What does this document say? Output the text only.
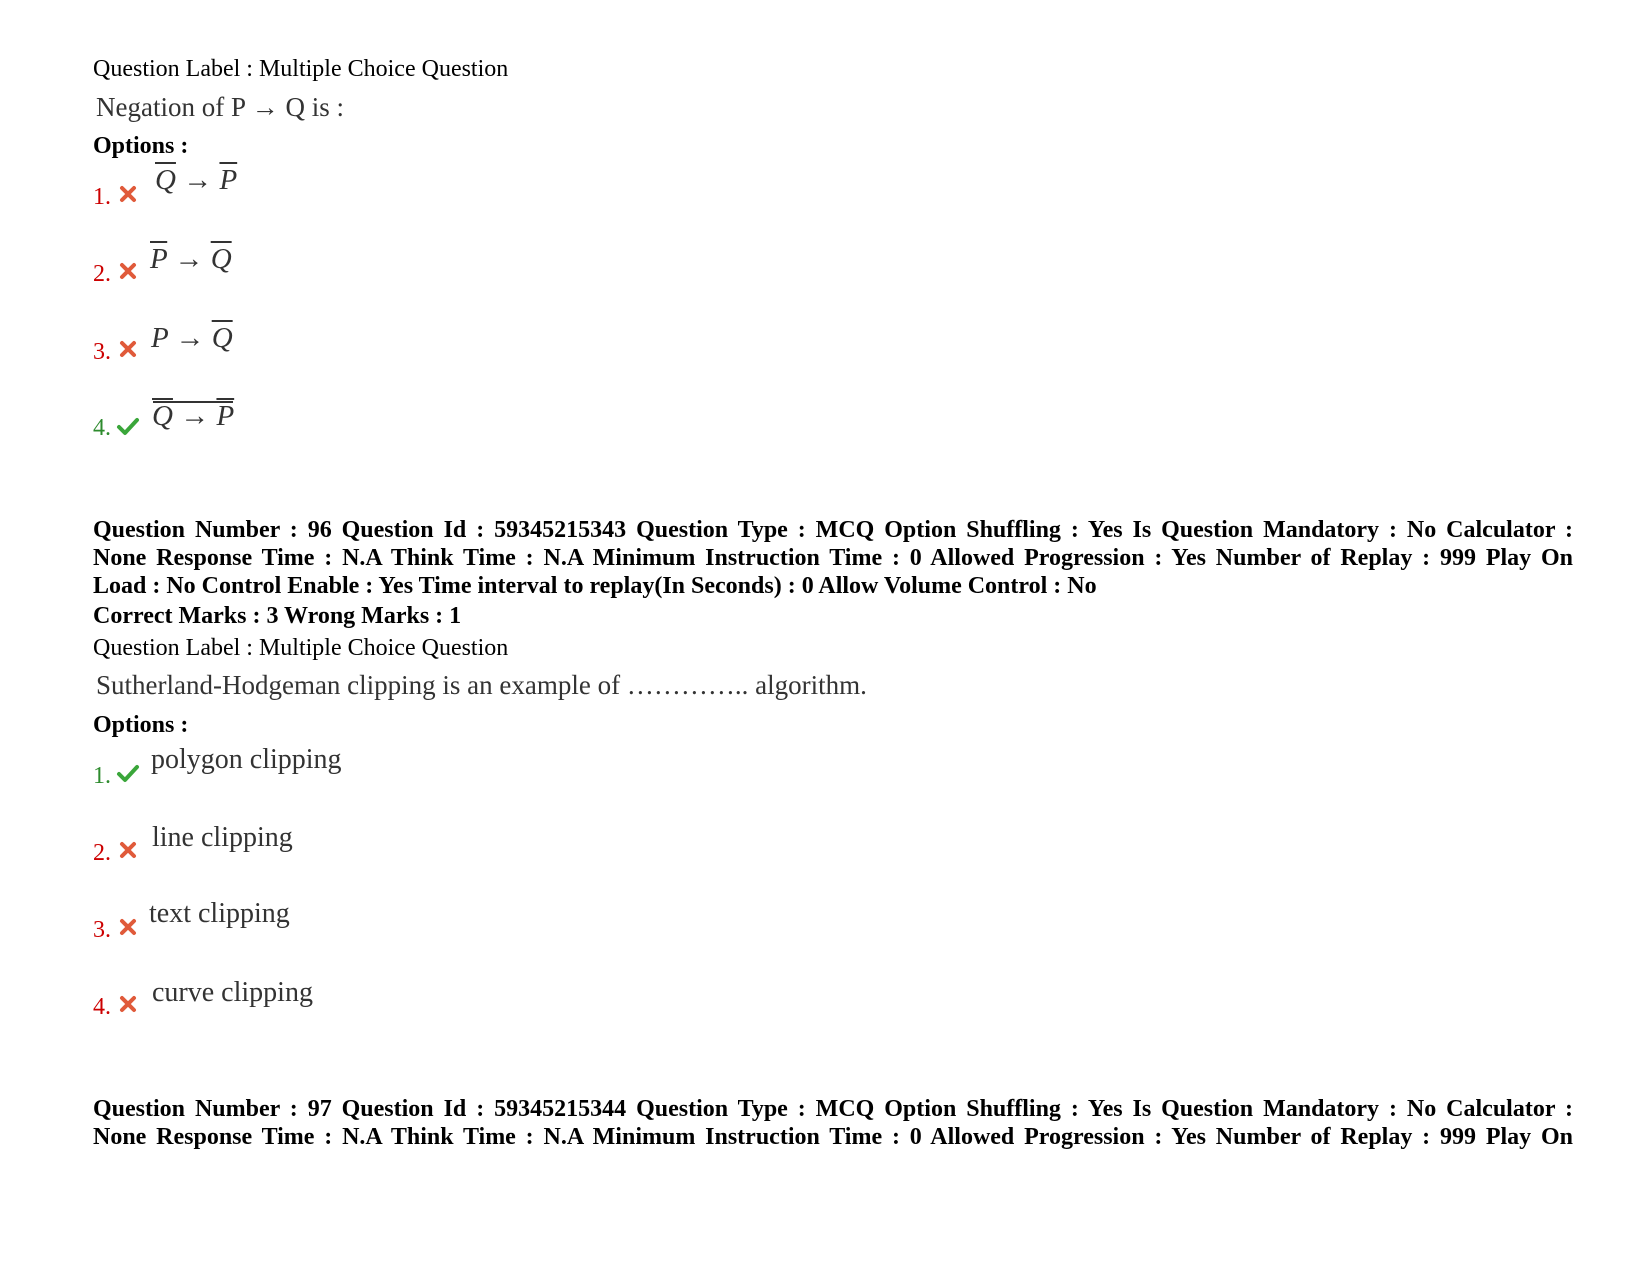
Question Label : Multiple Choice Question
Negation of P → Q is :
Options :
1.
$\overline{Q} \to \overline{P}$
2. $\overline{P} \to \overline{Q}$
3. $P \to \overline{Q}$
4. $\overline{Q} \to \overline{P}$
Question Number : 96 Question Id : 59345215343 Question Type : MCQ Option Shuffling : Yes Is Question Mandatory : No Calculator :
None Response Time : N.A Think Time : N.A Minimum Instruction Time : 0 Allowed Progression : Yes Number of Replay : 999 Play On
Load : No Control Enable : Yes Time interval to replay(In Seconds) : 0 Allow Volume Control : No
Correct Marks : 3 Wrong Marks : 1
Question Label : Multiple Choice Question
Sutherland-Hodgeman clipping is an example of ………….. algorithm.
Options :
1.
polygon clipping
2. line clipping
3.
text clipping
4. curve clipping
Question Number : 97 Question Id : 59345215344 Question Type : MCQ Option Shuffling : Yes Is Question Mandatory : No Calculator :
None Response Time : N.A Think Time : N.A Minimum Instruction Time : 0 Allowed Progression : Yes Number of Replay : 999 Play On
